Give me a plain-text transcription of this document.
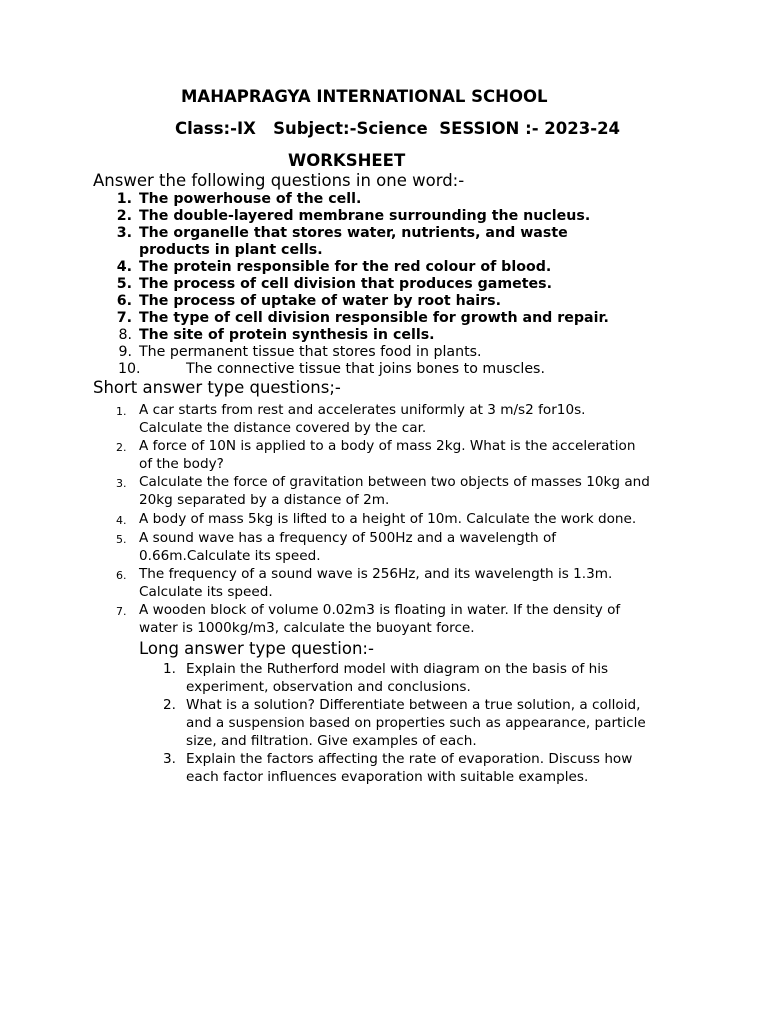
MAHAPRAGYA INTERNATIONAL SCHOOL
Class:-IX   Subject:-Science  SESSION :- 2023-24
WORKSHEET
Answer the following questions in one word:-
1. The powerhouse of the cell.
2. The double-layered membrane surrounding the nucleus.
3. The organelle that stores water, nutrients, and waste
products in plant cells.
4. The protein responsible for the red colour of blood.
5. The process of cell division that produces gametes.
6. The process of uptake of water by root hairs.
7. The type of cell division responsible for growth and repair.
8. The site of protein synthesis in cells.
9. The permanent tissue that stores food in plants.
10.	The connective tissue that joins bones to muscles.
Short answer type questions;-
1. A car starts from rest and accelerates uniformly at 3 m/s2 for10s.
Calculate the distance covered by the car.
2. A force of 10N is applied to a body of mass 2kg. What is the acceleration
of the body?
3. Calculate the force of gravitation between two objects of masses 10kg and
20kg separated by a distance of 2m.
4. A body of mass 5kg is lifted to a height of 10m. Calculate the work done.
5. A sound wave has a frequency of 500Hz and a wavelength of
0.66m.Calculate its speed.
6. The frequency of a sound wave is 256Hz, and its wavelength is 1.3m.
Calculate its speed.
7. A wooden block of volume 0.02m3 is floating in water. If the density of
water is 1000kg/m3, calculate the buoyant force.
Long answer type question:-
1. Explain the Rutherford model with diagram on the basis of his
experiment, observation and conclusions.
2. What is a solution? Differentiate between a true solution, a colloid,
and a suspension based on properties such as appearance, particle
size, and filtration. Give examples of each.
3. Explain the factors affecting the rate of evaporation. Discuss how
each factor influences evaporation with suitable examples.
